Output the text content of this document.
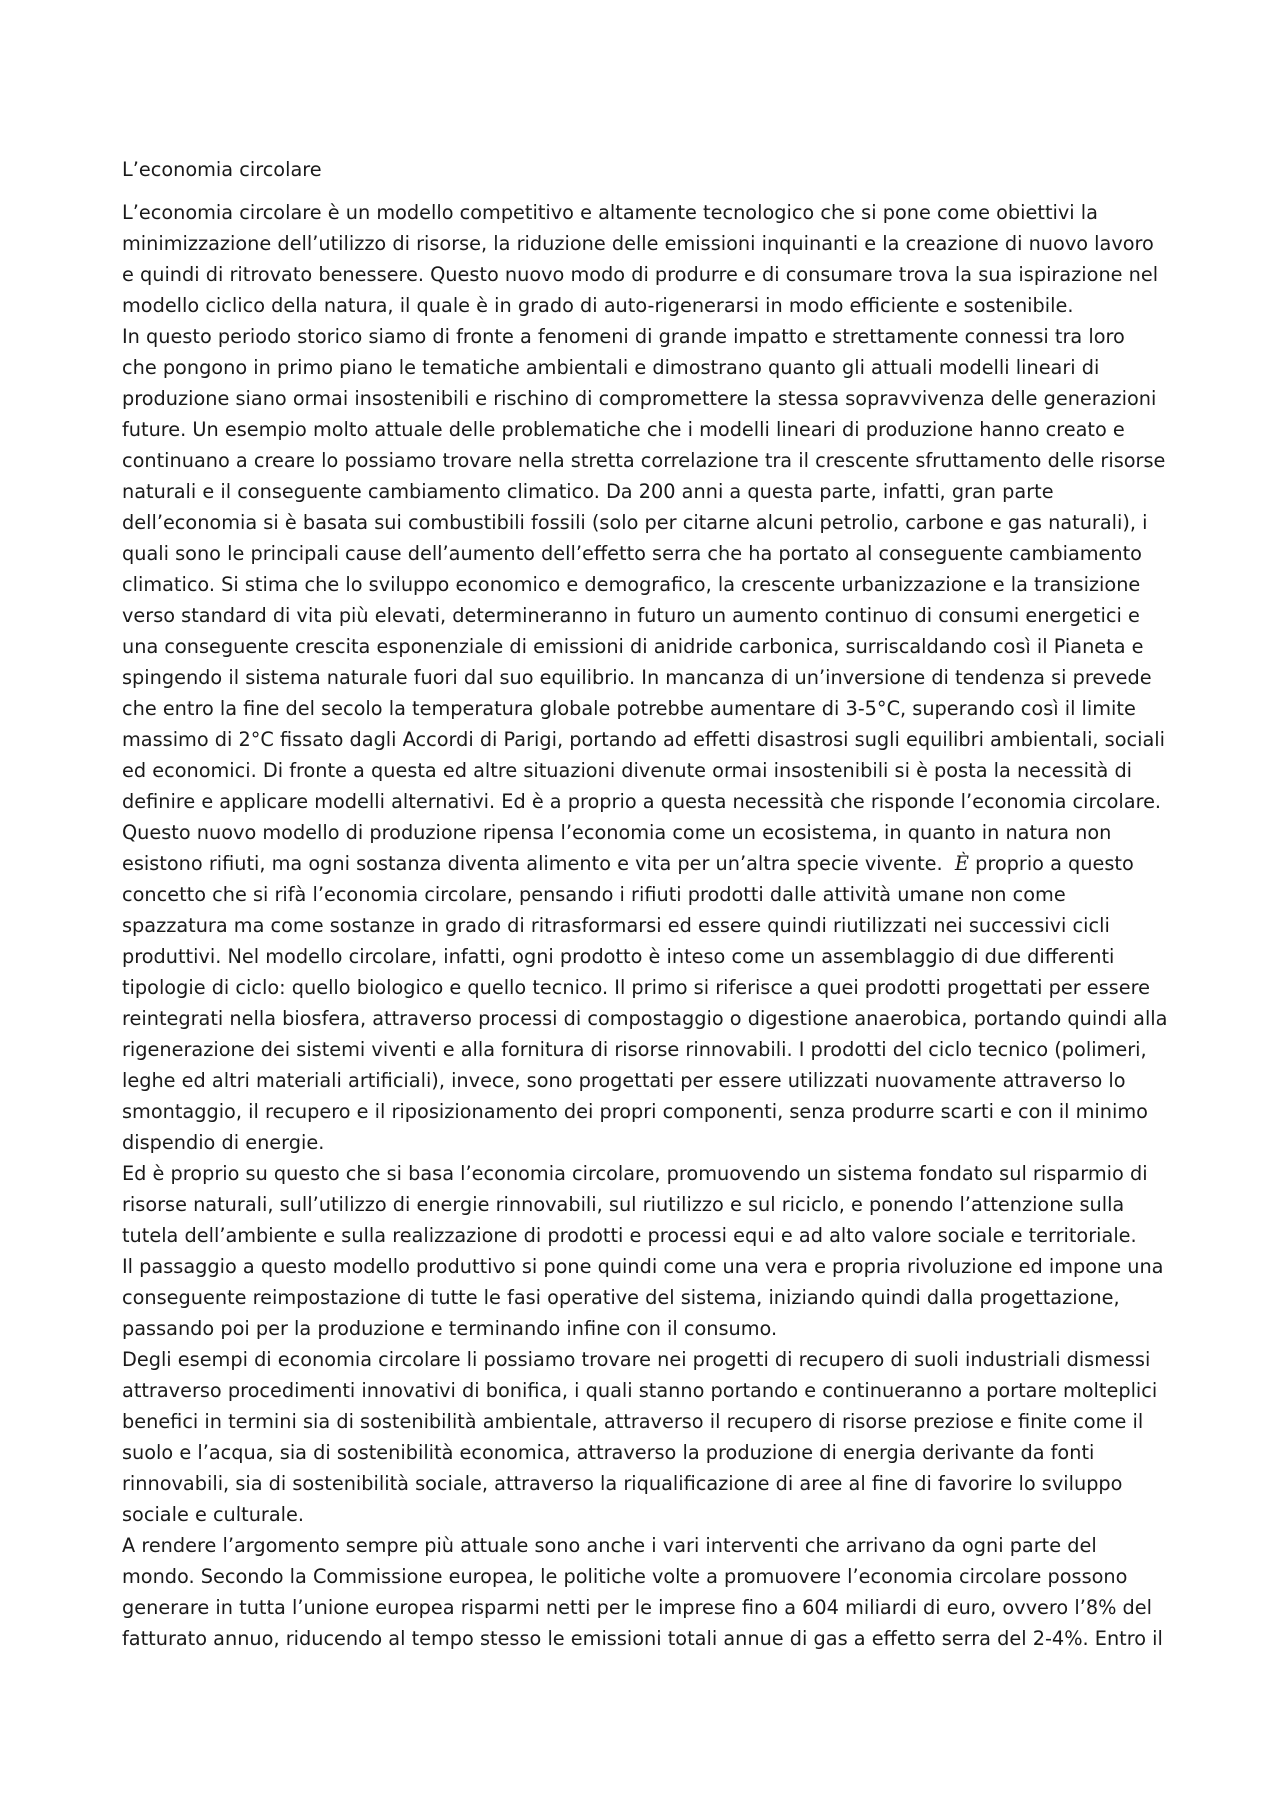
L’economia circolare
L’economia circolare è un modello competitivo e altamente tecnologico che si pone come obiettivi la
minimizzazione dell’utilizzo di risorse, la riduzione delle emissioni inquinanti e la creazione di nuovo lavoro
e quindi di ritrovato benessere. Questo nuovo modo di produrre e di consumare trova la sua ispirazione nel
modello ciclico della natura, il quale è in grado di auto-rigenerarsi in modo efficiente e sostenibile.
In questo periodo storico siamo di fronte a fenomeni di grande impatto e strettamente connessi tra loro
che pongono in primo piano le tematiche ambientali e dimostrano quanto gli attuali modelli lineari di
produzione siano ormai insostenibili e rischino di compromettere la stessa sopravvivenza delle generazioni
future. Un esempio molto attuale delle problematiche che i modelli lineari di produzione hanno creato e
continuano a creare lo possiamo trovare nella stretta correlazione tra il crescente sfruttamento delle risorse
naturali e il conseguente cambiamento climatico. Da 200 anni a questa parte, infatti, gran parte
dell’economia si è basata sui combustibili fossili (solo per citarne alcuni petrolio, carbone e gas naturali), i
quali sono le principali cause dell’aumento dell’effetto serra che ha portato al conseguente cambiamento
climatico. Si stima che lo sviluppo economico e demografico, la crescente urbanizzazione e la transizione
verso standard di vita più elevati, determineranno in futuro un aumento continuo di consumi energetici e
una conseguente crescita esponenziale di emissioni di anidride carbonica, surriscaldando così il Pianeta e
spingendo il sistema naturale fuori dal suo equilibrio. In mancanza di un’inversione di tendenza si prevede
che entro la fine del secolo la temperatura globale potrebbe aumentare di 3-5°C, superando così il limite
massimo di 2°C fissato dagli Accordi di Parigi, portando ad effetti disastrosi sugli equilibri ambientali, sociali
ed economici. Di fronte a questa ed altre situazioni divenute ormai insostenibili si è posta la necessità di
definire e applicare modelli alternativi. Ed è a proprio a questa necessità che risponde l’economia circolare.
Questo nuovo modello di produzione ripensa l’economia come un ecosistema, in quanto in natura non
esistono rifiuti, ma ogni sostanza diventa alimento e vita per un’altra specie vivente. È proprio a questo
concetto che si rifà l’economia circolare, pensando i rifiuti prodotti dalle attività umane non come
spazzatura ma come sostanze in grado di ritrasformarsi ed essere quindi riutilizzati nei successivi cicli
produttivi. Nel modello circolare, infatti, ogni prodotto è inteso come un assemblaggio di due differenti
tipologie di ciclo: quello biologico e quello tecnico. Il primo si riferisce a quei prodotti progettati per essere
reintegrati nella biosfera, attraverso processi di compostaggio o digestione anaerobica, portando quindi alla
rigenerazione dei sistemi viventi e alla fornitura di risorse rinnovabili. I prodotti del ciclo tecnico (polimeri,
leghe ed altri materiali artificiali), invece, sono progettati per essere utilizzati nuovamente attraverso lo
smontaggio, il recupero e il riposizionamento dei propri componenti, senza produrre scarti e con il minimo
dispendio di energie.
Ed è proprio su questo che si basa l’economia circolare, promuovendo un sistema fondato sul risparmio di
risorse naturali, sull’utilizzo di energie rinnovabili, sul riutilizzo e sul riciclo, e ponendo l’attenzione sulla
tutela dell’ambiente e sulla realizzazione di prodotti e processi equi e ad alto valore sociale e territoriale.
Il passaggio a questo modello produttivo si pone quindi come una vera e propria rivoluzione ed impone una
conseguente reimpostazione di tutte le fasi operative del sistema, iniziando quindi dalla progettazione,
passando poi per la produzione e terminando infine con il consumo.
Degli esempi di economia circolare li possiamo trovare nei progetti di recupero di suoli industriali dismessi
attraverso procedimenti innovativi di bonifica, i quali stanno portando e continueranno a portare molteplici
benefici in termini sia di sostenibilità ambientale, attraverso il recupero di risorse preziose e finite come il
suolo e l’acqua, sia di sostenibilità economica, attraverso la produzione di energia derivante da fonti
rinnovabili, sia di sostenibilità sociale, attraverso la riqualificazione di aree al fine di favorire lo sviluppo
sociale e culturale.
A rendere l’argomento sempre più attuale sono anche i vari interventi che arrivano da ogni parte del
mondo. Secondo la Commissione europea, le politiche volte a promuovere l’economia circolare possono
generare in tutta l’unione europea risparmi netti per le imprese fino a 604 miliardi di euro, ovvero l’8% del
fatturato annuo, riducendo al tempo stesso le emissioni totali annue di gas a effetto serra del 2-4%. Entro il
